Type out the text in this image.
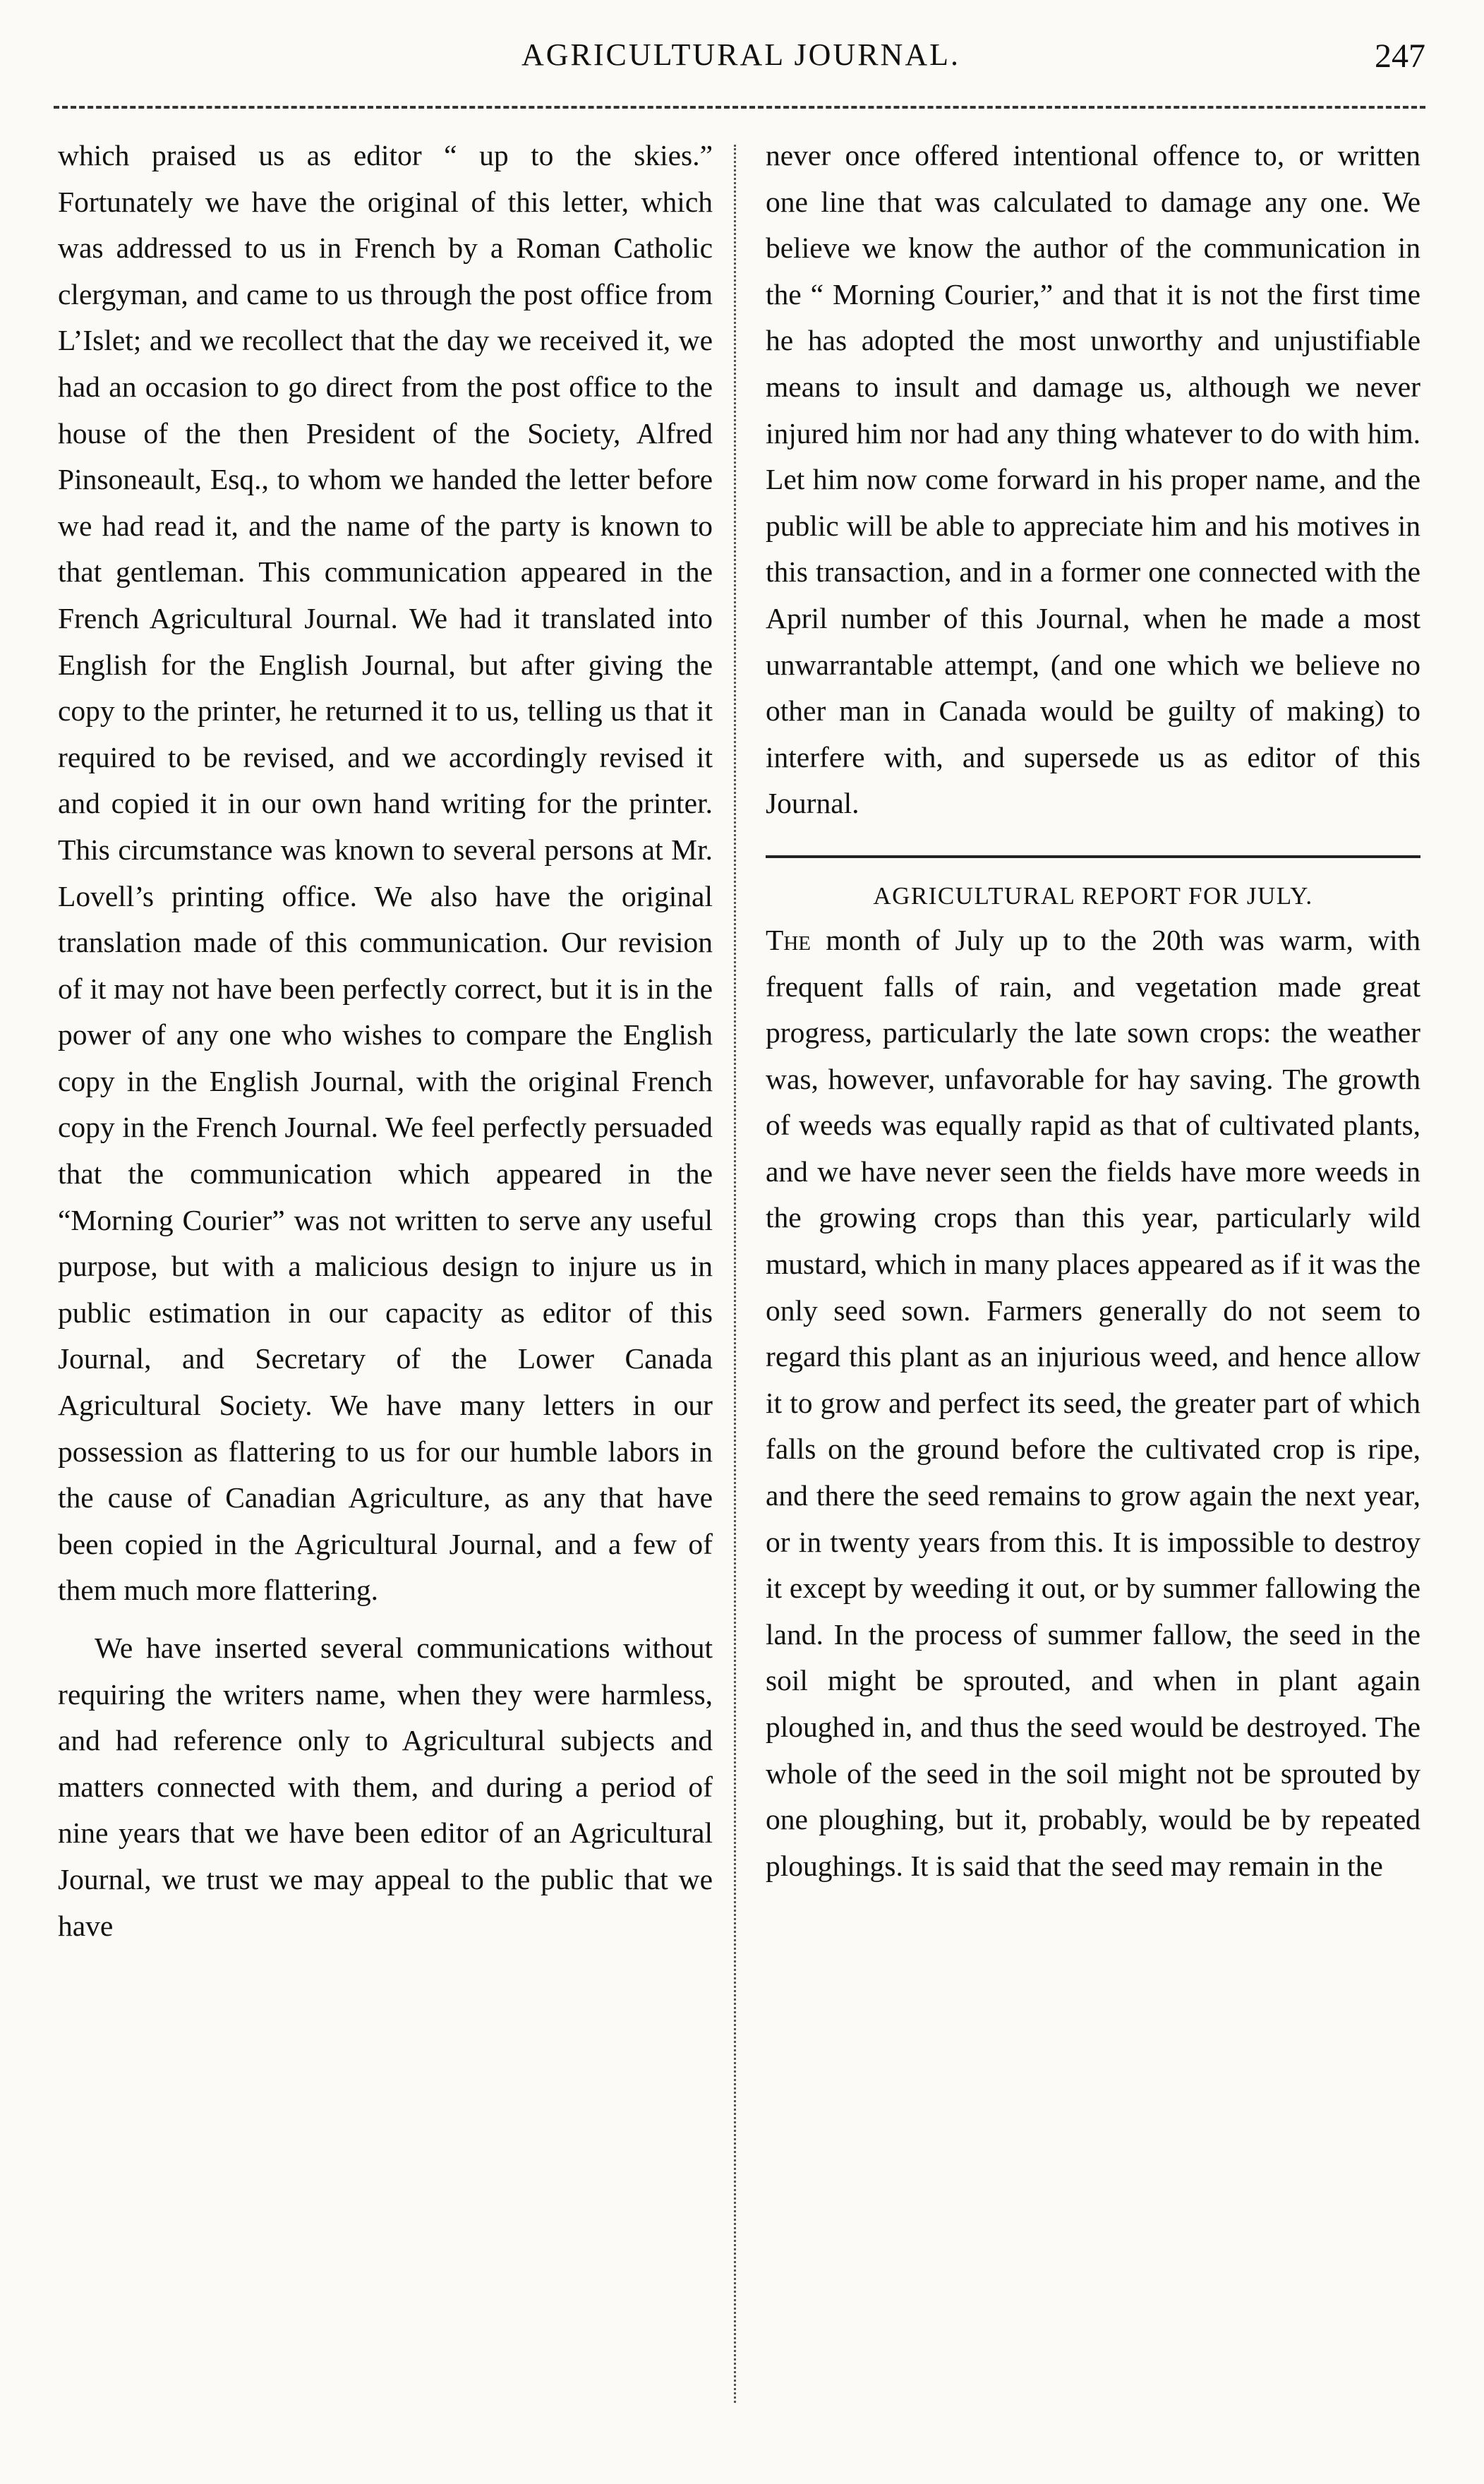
AGRICULTURAL JOURNAL.	247

which praised us as editor “ up to the skies.” Fortunately we have the original of this letter, which was addressed to us in French by a Roman Catholic clergyman, and came to us through the post office from L’Islet; and we recollect that the day we received it, we had an occasion to go direct from the post office to the house of the then President of the Society, Alfred Pinsoneault, Esq., to whom we handed the letter before we had read it, and the name of the party is known to that gentleman. This communication appeared in the French Agricultural Journal. We had it translated into English for the English Journal, but after giving the copy to the printer, he returned it to us, telling us that it required to be revised, and we accordingly revised it and copied it in our own hand writing for the printer. This circumstance was known to several persons at Mr. Lovell’s printing office. We also have the original translation made of this communication. Our revision of it may not have been perfectly correct, but it is in the power of any one who wishes to compare the English copy in the English Journal, with the original French copy in the French Journal. We feel perfectly persuaded that the communication which appeared in the “Morning Courier” was not written to serve any useful purpose, but with a malicious design to injure us in public estimation in our capacity as editor of this Journal, and Secretary of the Lower Canada Agricultural Society. We have many letters in our possession as flattering to us for our humble labors in the cause of Canadian Agriculture, as any that have been copied in the Agricultural Journal, and a few of them much more flattering.

We have inserted several communications without requiring the writers name, when they were harmless, and had reference only to Agricultural subjects and matters connected with them, and during a period of nine years that we have been editor of an Agricultural Journal, we trust we may appeal to the public that we have

never once offered intentional offence to, or written one line that was calculated to damage any one. We believe we know the author of the communication in the “ Morning Courier,” and that it is not the first time he has adopted the most unworthy and unjustifiable means to insult and damage us, although we never injured him nor had any thing whatever to do with him. Let him now come forward in his proper name, and the public will be able to appreciate him and his motives in this transaction, and in a former one connected with the April number of this Journal, when he made a most unwarrantable attempt, (and one which we believe no other man in Canada would be guilty of making) to interfere with, and supersede us as editor of this Journal.

AGRICULTURAL REPORT FOR JULY.

The month of July up to the 20th was warm, with frequent falls of rain, and vegetation made great progress, particularly the late sown crops: the weather was, however, unfavorable for hay saving. The growth of weeds was equally rapid as that of cultivated plants, and we have never seen the fields have more weeds in the growing crops than this year, particularly wild mustard, which in many places appeared as if it was the only seed sown. Farmers generally do not seem to regard this plant as an injurious weed, and hence allow it to grow and perfect its seed, the greater part of which falls on the ground before the cultivated crop is ripe, and there the seed remains to grow again the next year, or in twenty years from this. It is impossible to destroy it except by weeding it out, or by summer fallowing the land. In the process of summer fallow, the seed in the soil might be sprouted, and when in plant again ploughed in, and thus the seed would be destroyed. The whole of the seed in the soil might not be sprouted by one ploughing, but it, probably, would be by repeated ploughings. It is said that the seed may remain in the
